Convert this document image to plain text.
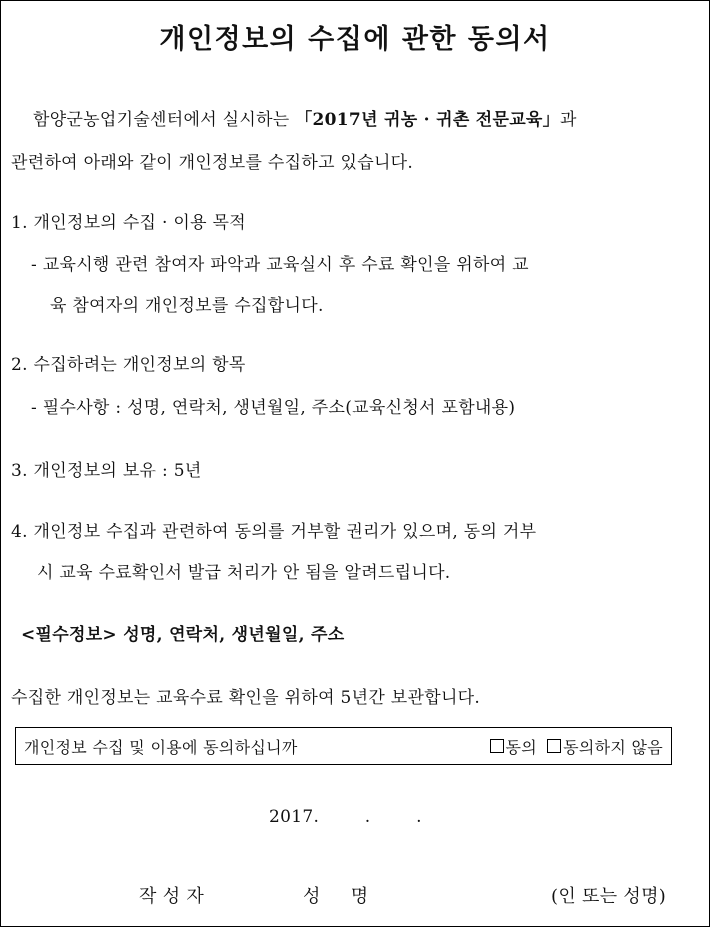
개인정보의 수집에 관한 동의서
함양군농업기술센터에서 실시하는 「2017년 귀농 · 귀촌 전문교육」과
관련하여 아래와 같이 개인정보를 수집하고 있습니다.
1. 개인정보의 수집 · 이용 목적
- 교육시행 관련 참여자 파악과 교육실시 후 수료 확인을 위하여 교
육 참여자의 개인정보를 수집합니다.
2. 수집하려는 개인정보의 항목
- 필수사항 : 성명, 연락처, 생년월일, 주소(교육신청서 포함내용)
3. 개인정보의 보유 : 5년
4. 개인정보 수집과 관련하여 동의를 거부할 권리가 있으며, 동의 거부
시 교육 수료확인서 발급 처리가 안 됨을 알려드립니다.
<필수정보> 성명, 연락처, 생년월일, 주소
수집한 개인정보는 교육수료 확인을 위하여 5년간 보관합니다.
개인정보 수집 및 이용에 동의하십니까	동의 동의하지 않음
2017.        .        .
작 성 자	성     명	(인 또는 성명)
